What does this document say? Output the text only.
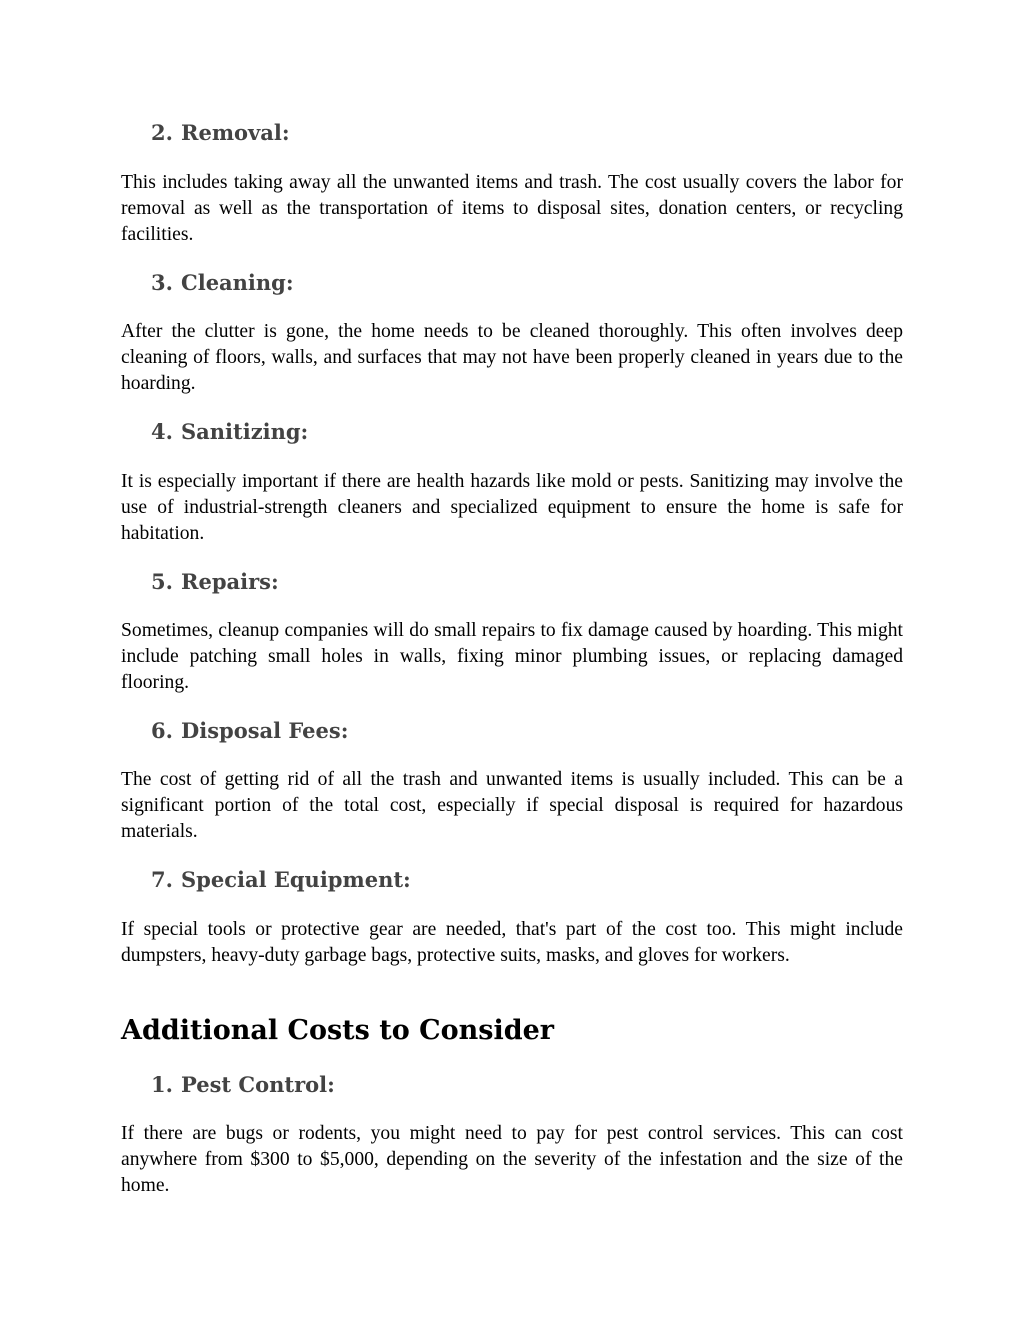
2. Removal:

This includes taking away all the unwanted items and trash. The cost usually covers the labor for removal as well as the transportation of items to disposal sites, donation centers, or recycling facilities.

3. Cleaning:

After the clutter is gone, the home needs to be cleaned thoroughly. This often involves deep cleaning of floors, walls, and surfaces that may not have been properly cleaned in years due to the hoarding.

4. Sanitizing:

It is especially important if there are health hazards like mold or pests. Sanitizing may involve the use of industrial-strength cleaners and specialized equipment to ensure the home is safe for habitation.

5. Repairs:

Sometimes, cleanup companies will do small repairs to fix damage caused by hoarding. This might include patching small holes in walls, fixing minor plumbing issues, or replacing damaged flooring.

6. Disposal Fees:

The cost of getting rid of all the trash and unwanted items is usually included. This can be a significant portion of the total cost, especially if special disposal is required for hazardous materials.

7. Special Equipment:

If special tools or protective gear are needed, that's part of the cost too. This might include dumpsters, heavy-duty garbage bags, protective suits, masks, and gloves for workers.

Additional Costs to Consider
1. Pest Control:

If there are bugs or rodents, you might need to pay for pest control services. This can cost anywhere from $300 to $5,000, depending on the severity of the infestation and the size of the home.
